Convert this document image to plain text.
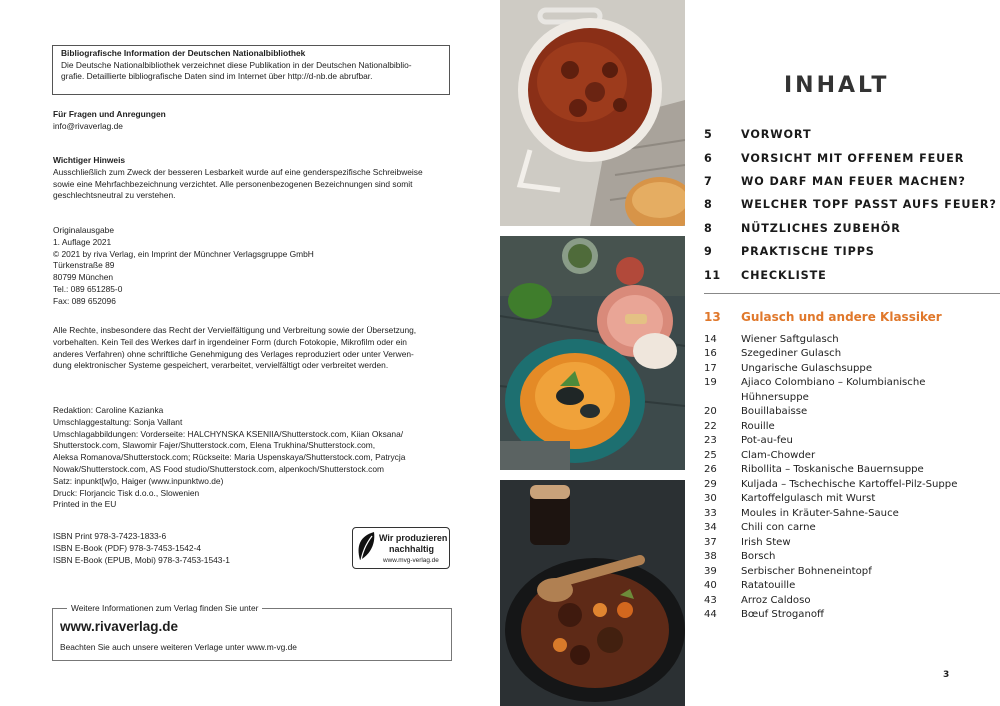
Bibliografische Information der Deutschen Nationalbibliothek
Die Deutsche Nationalbibliothek verzeichnet diese Publikation in der Deutschen Nationalbiblio-
grafie. Detaillierte bibliografische Daten sind im Internet über http://d-nb.de abrufbar.

Für Fragen und Anregungen

info@rivaverlag.de

Wichtiger Hinweis

Ausschließlich zum Zweck der besseren Lesbarkeit wurde auf eine genderspezifische Schreibweise

sowie eine Mehrfachbezeichnung verzichtet. Alle personenbezogenen Bezeichnungen sind somit

geschlechtsneutral zu verstehen.

Originalausgabe

1. Auflage 2021

© 2021 by riva Verlag, ein Imprint der Münchner Verlagsgruppe GmbH

Türkenstraße 89

80799 München

Tel.: 089 651285-0

Fax: 089 652096

Alle Rechte, insbesondere das Recht der Vervielfältigung und Verbreitung sowie der Übersetzung,

vorbehalten. Kein Teil des Werkes darf in irgendeiner Form (durch Fotokopie, Mikrofilm oder ein

anderes Verfahren) ohne schriftliche Genehmigung des Verlages reproduziert oder unter Verwen-

dung elektronischer Systeme gespeichert, verarbeitet, vervielfältigt oder verbreitet werden.

Redaktion: Caroline Kazianka

Umschlaggestaltung: Sonja Vallant

Umschlagabbildungen: Vorderseite: HALCHYNSKA KSENIIA/Shutterstock.com, Kiian Oksana/

Shutterstock.com, Slawomir Fajer/Shutterstock.com, Elena Trukhina/Shutterstock.com,

Aleksa Romanova/Shutterstock.com; Rückseite: Maria Uspenskaya/Shutterstock.com, Patrycja

Nowak/Shutterstock.com, AS Food studio/Shutterstock.com, alpenkoch/Shutterstock.com

Satz: inpunkt[w]o, Haiger (www.inpunktwo.de)

Druck: Florjancic Tisk d.o.o., Slowenien

Printed in the EU

ISBN Print 978-3-7423-1833-6

ISBN E-Book (PDF) 978-3-7453-1542-4

ISBN E-Book (EPUB, Mobi) 978-3-7453-1543-1

Wir produzieren
nachhaltig
www.mvg-verlag.de
Weitere Informationen zum Verlag finden Sie unter
www.rivaverlag.de
Beachten Sie auch unsere weiteren Verlage unter www.m-vg.de
INHALT
5	VORWORT
6	VORSICHT MIT OFFENEM FEUER
7	WO DARF MAN FEUER MACHEN?
8	WELCHER TOPF PASST AUFS FEUER?
8	NÜTZLICHES ZUBEHÖR
9	PRAKTISCHE TIPPS
11 CHECKLISTE
13 Gulasch und andere Klassiker
14 Wiener Saftgulasch
16 Szegediner Gulasch
17 Ungarische Gulaschsuppe
19 Ajiaco Colombiano – Kolumbianische
Hühnersuppe
20 Bouillabaisse
22 Rouille
23 Pot-au-feu
25 Clam-Chowder
26 Ribollita – Toskanische Bauernsuppe
29 Kuljada – Tschechische Kartoffel-Pilz-Suppe
30 Kartoffelgulasch mit Wurst
33 Moules in Kräuter-Sahne-Sauce
34 Chili con carne
37 Irish Stew
38 Borsch
39 Serbischer Bohneneintopf
40 Ratatouille
43 Arroz Caldoso
44 Bœuf Stroganoff
3
